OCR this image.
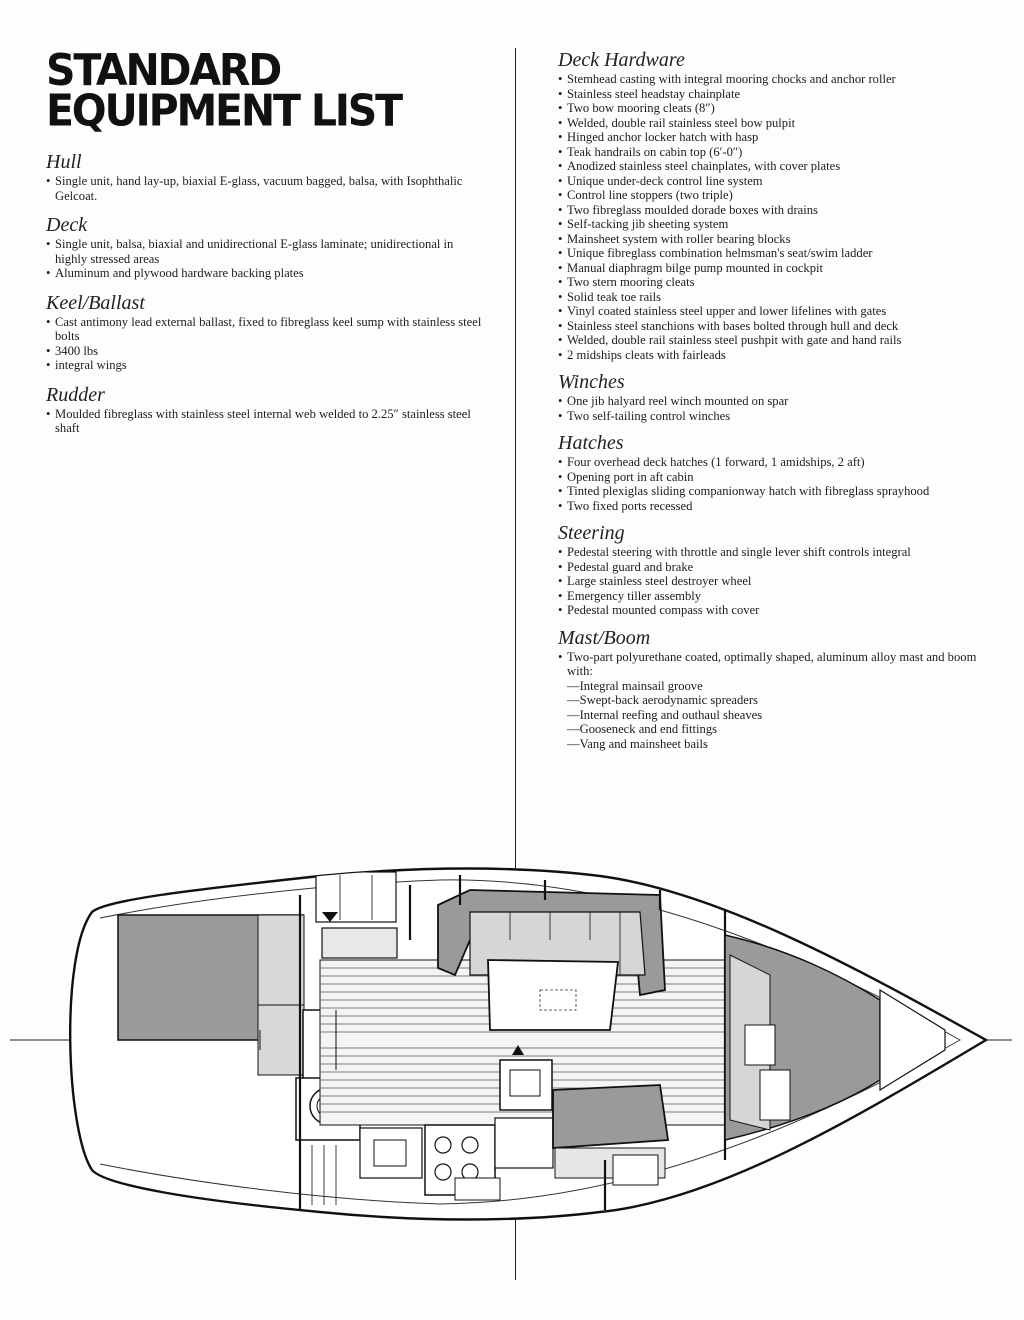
STANDARD
EQUIPMENT LIST
Hull
• Single unit, hand lay-up, biaxial E-glass, vacuum bagged, balsa, with Isophthalic Gelcoat.
Deck
• Single unit, balsa, biaxial and unidirectional E-glass laminate; unidirectional in highly stressed areas
• Aluminum and plywood hardware backing plates
Keel/Ballast
• Cast antimony lead external ballast, fixed to fibreglass keel sump with stainless steel bolts
• 3400 lbs
• integral wings
Rudder
• Moulded fibreglass with stainless steel internal web welded to 2.25″ stainless steel shaft
Deck Hardware
• Stemhead casting with integral mooring chocks and anchor roller
• Stainless steel headstay chainplate
• Two bow mooring cleats (8″)
• Welded, double rail stainless steel bow pulpit
• Hinged anchor locker hatch with hasp
• Teak handrails on cabin top (6′-0″)
• Anodized stainless steel chainplates, with cover plates
• Unique under-deck control line system
• Control line stoppers (two triple)
• Two fibreglass moulded dorade boxes with drains
• Self-tacking jib sheeting system
• Mainsheet system with roller bearing blocks
• Unique fibreglass combination helmsman's seat/swim ladder
• Manual diaphragm bilge pump mounted in cockpit
• Two stern mooring cleats
• Solid teak toe rails
• Vinyl coated stainless steel upper and lower lifelines with gates
• Stainless steel stanchions with bases bolted through hull and deck
• Welded, double rail stainless steel pushpit with gate and hand rails
• 2 midships cleats with fairleads
Winches
• One jib halyard reel winch mounted on spar
• Two self-tailing control winches
Hatches
• Four overhead deck hatches (1 forward, 1 amidships, 2 aft)
• Opening port in aft cabin
• Tinted plexiglas sliding companionway hatch with fibreglass sprayhood
• Two fixed ports recessed
Steering
• Pedestal steering with throttle and single lever shift controls integral
• Pedestal guard and brake
• Large stainless steel destroyer wheel
• Emergency tiller assembly
• Pedestal mounted compass with cover
Mast/Boom
• Two-part polyurethane coated, optimally shaped, aluminum alloy mast and boom with:
—Integral mainsail groove
—Swept-back aerodynamic spreaders
—Internal reefing and outhaul sheaves
—Gooseneck and end fittings
—Vang and mainsheet bails
